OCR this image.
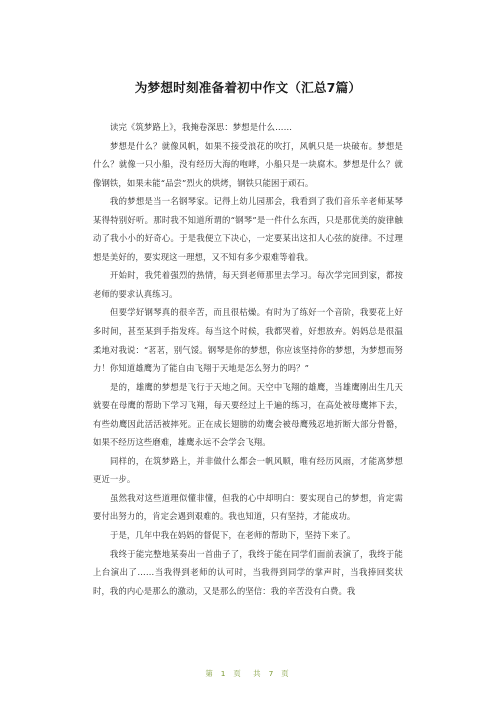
为梦想时刻准备着初中作文（汇总7篇）

读完《筑梦路上》，我掩卷深思：梦想是什么……

梦想是什么？就像风帆，如果不接受浪花的吹打，风帆只是一块破布。梦想是什么？就像一只小船，没有经历大海的咆哮，小船只是一块腐木。梦想是什么？就像钢铁，如果未能“品尝”烈火的烘烤，钢铁只能困于顽石。

我的梦想是当一名钢琴家。记得上幼儿园那会，我看到了我们音乐辛老师某琴某得特别好听。那时我不知道所谓的“钢琴”是一件什么东西，只是那优美的旋律触动了我小小的好奇心。于是我便立下决心，一定要某出这扣人心弦的旋律。不过理想是美好的，要实现这一理想，又不知有多少艰难等着我。

开始时，我凭着强烈的热情，每天到老师那里去学习。每次学完回到家，都按老师的要求认真练习。

但要学好钢琴真的很辛苦，而且很枯燥。有时为了练好一个音阶，我要花上好多时间，甚至某到手指发疼。每当这个时候，我都哭着，好想放弃。妈妈总是很温柔地对我说：“茗茗，别气馁。钢琴是你的梦想，你应该坚持你的梦想，为梦想而努力！你知道雄鹰为了能自由飞翔于天地是怎么努力的吗？”

是的，雄鹰的梦想是飞行于天地之间。天空中飞翔的雄鹰，当雄鹰刚出生几天就要在母鹰的帮助下学习飞翔，每天要经过上千遍的练习，在高处被母鹰摔下去，有些幼鹰因此活活被摔死。正在成长翅膀的幼鹰会被母鹰残忍地折断大部分骨骼，如果不经历这些磨难，雄鹰永远不会学会飞翔。

同样的，在筑梦路上，并非做什么都会一帆风顺，唯有经历风雨，才能离梦想更近一步。

虽然我对这些道理似懂非懂，但我的心中却明白：要实现自己的梦想，肯定需要付出努力的，肯定会遇到艰难的。我也知道，只有坚持，才能成功。

于是，几年中我在妈妈的督促下，在老师的帮助下，坚持下来了。

我终于能完整地某奏出一首曲子了，我终于能在同学们面前表演了，我终于能上台演出了……当我得到老师的认可时，当我得到同学的掌声时，当我捧回奖状时，我的内心是那么的激动，又是那么的坚信：我的辛苦没有白费。我

第 1 页 共 7 页
